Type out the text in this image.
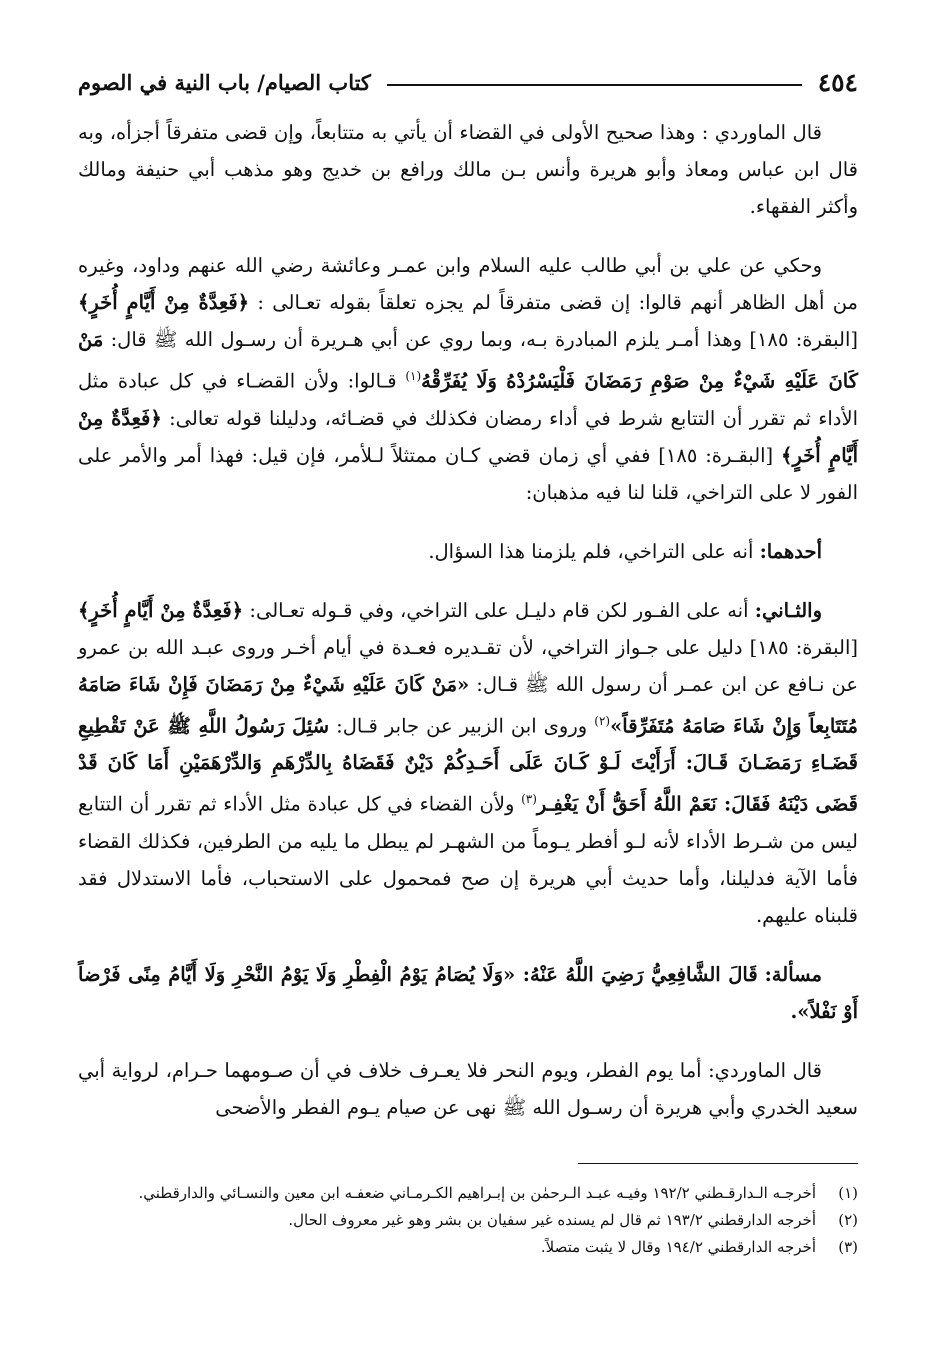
٤٥٤
كتاب الصيام/ باب النية في الصوم

قال الماوردي : وهذا صحيح الأولى في القضاء أن يأتي به متتابعاً، وإن قضى متفرقاً أجزأه، وبه قال ابن عباس ومعاذ وأبو هريرة وأنس بـن مالك ورافع بن خديج وهو مذهب أبي حنيفة ومالك وأكثر الفقهاء.

وحكي عن علي بن أبي طالب عليه السلام وابن عمـر وعائشة رضي الله عنهم وداود، وغيره من أهل الظاهر أنهم قالوا: إن قضى متفرقاً لم يجزه تعلقاً بقوله تعـالى : ﴿فَعِدَّةٌ مِنْ أَيَّامٍ أُخَرٍ﴾ [البقرة: ١٨٥] وهذا أمـر يلزم المبادرة بـه، وبما روي عن أبي هـريرة أن رسـول الله ﷺ قال: مَنْ كَانَ عَلَيْهِ شَيْءٌ مِنْ صَوْمِ رَمَضَانَ فَلْيَسْرُدْهُ وَلَا يُفَرِّقْهُ$^{(١)}$ قـالوا: ولأن القضـاء في كل عبادة مثل الأداء ثم تقرر أن التتابع شرط في أداء رمضان فكذلك في قضـائه، ودليلنا قوله تعالى: ﴿فَعِدَّةٌ مِنْ أَيَّامٍ أُخَرٍ﴾ [البقـرة: ١٨٥] ففي أي زمان قضي كـان ممتثلاً لـلأمر، فإن قيل: فهذا أمر والأمر على الفور لا على التراخي، قلنا لنا فيه مذهبان:

أحدهما: أنه على التراخي، فلم يلزمنا هذا السؤال.

والثـاني: أنه على الفـور لكن قام دليـل على التراخي، وفي قـوله تعـالى: ﴿فَعِدَّةٌ مِنْ أَيَّامٍ أُخَرٍ﴾ [البقرة: ١٨٥] دليل على جـواز التراخي، لأن تقـديره فعـدة في أيام أخـر وروى عبـد الله بن عمرو عن نـافع عن ابن عمـر أن رسول الله ﷺ قـال: «مَنْ كَانَ عَلَيْهِ شَيْءٌ مِنْ رَمَضَانَ فَإِنْ شَاءَ صَامَهُ مُتَتَابِعاً وَإِنْ شَاءَ صَامَهُ مُتَفَرِّقاً»$^{(٢)}$ وروى ابن الزبير عن جابر قـال: سُئِلَ رَسُولُ اللَّهِ ﷺ عَنْ تَقْطِيعِ قَضَـاءِ رَمَضَـانَ قَـالَ: أَرَأَيْتَ لَـوْ كَـانَ عَلَى أَحَـدِكُمْ دَيْنٌ فَقَضَاهُ بِالدِّرْهَمِ وَالدِّرْهَمَيْنِ أَمَا كَانَ قَدْ قَضَى دَيْنَهُ فَقَالَ: نَعَمْ اللَّهُ أَحَقُّ أَنْ يَغْفِـر$^{(٣)}$ ولأن القضاء في كل عبادة مثل الأداء ثم تقرر أن التتابع ليس من شـرط الأداء لأنه لـو أفطر يـوماً من الشهـر لم يبطل ما يليه من الطرفين، فكذلك القضاء فأما الآية فدليلنا، وأما حديث أبي هريرة إن صح فمحمول على الاستحباب، فأما الاستدلال فقد قلبناه عليهم.

مسألة: قَالَ الشَّافِعِيُّ رَضِيَ اللَّهُ عَنْهُ: «وَلَا يُصَامُ يَوْمُ الْفِطْرِ وَلَا يَوْمُ النَّحْرِ وَلَا أَيَّامُ مِنًى فَرْضاً أَوْ نَفْلاً».

قال الماوردي: أما يوم الفطر، ويوم النحر فلا يعـرف خلاف في أن صـومهما حـرام، لرواية أبي سعيد الخدري وأبي هريرة أن رسـول الله ﷺ نهى عن صيام يـوم الفطر والأضحى

(١)
أخرجـه الـدارقـطني ١٩٢/٢ وفيـه عبـد الـرحمٰن بن إبـراهيم الكـرمـاني ضعفـه ابن معين والنسـائي والدارقطني.
(٢)
أخرجه الدارقطني ١٩٣/٢ ثم قال لم يسنده غير سفيان بن بشر وهو غير معروف الحال.
(٣)
أخرجه الدارقطني ١٩٤/٢ وقال لا يثبت متصلاً.
